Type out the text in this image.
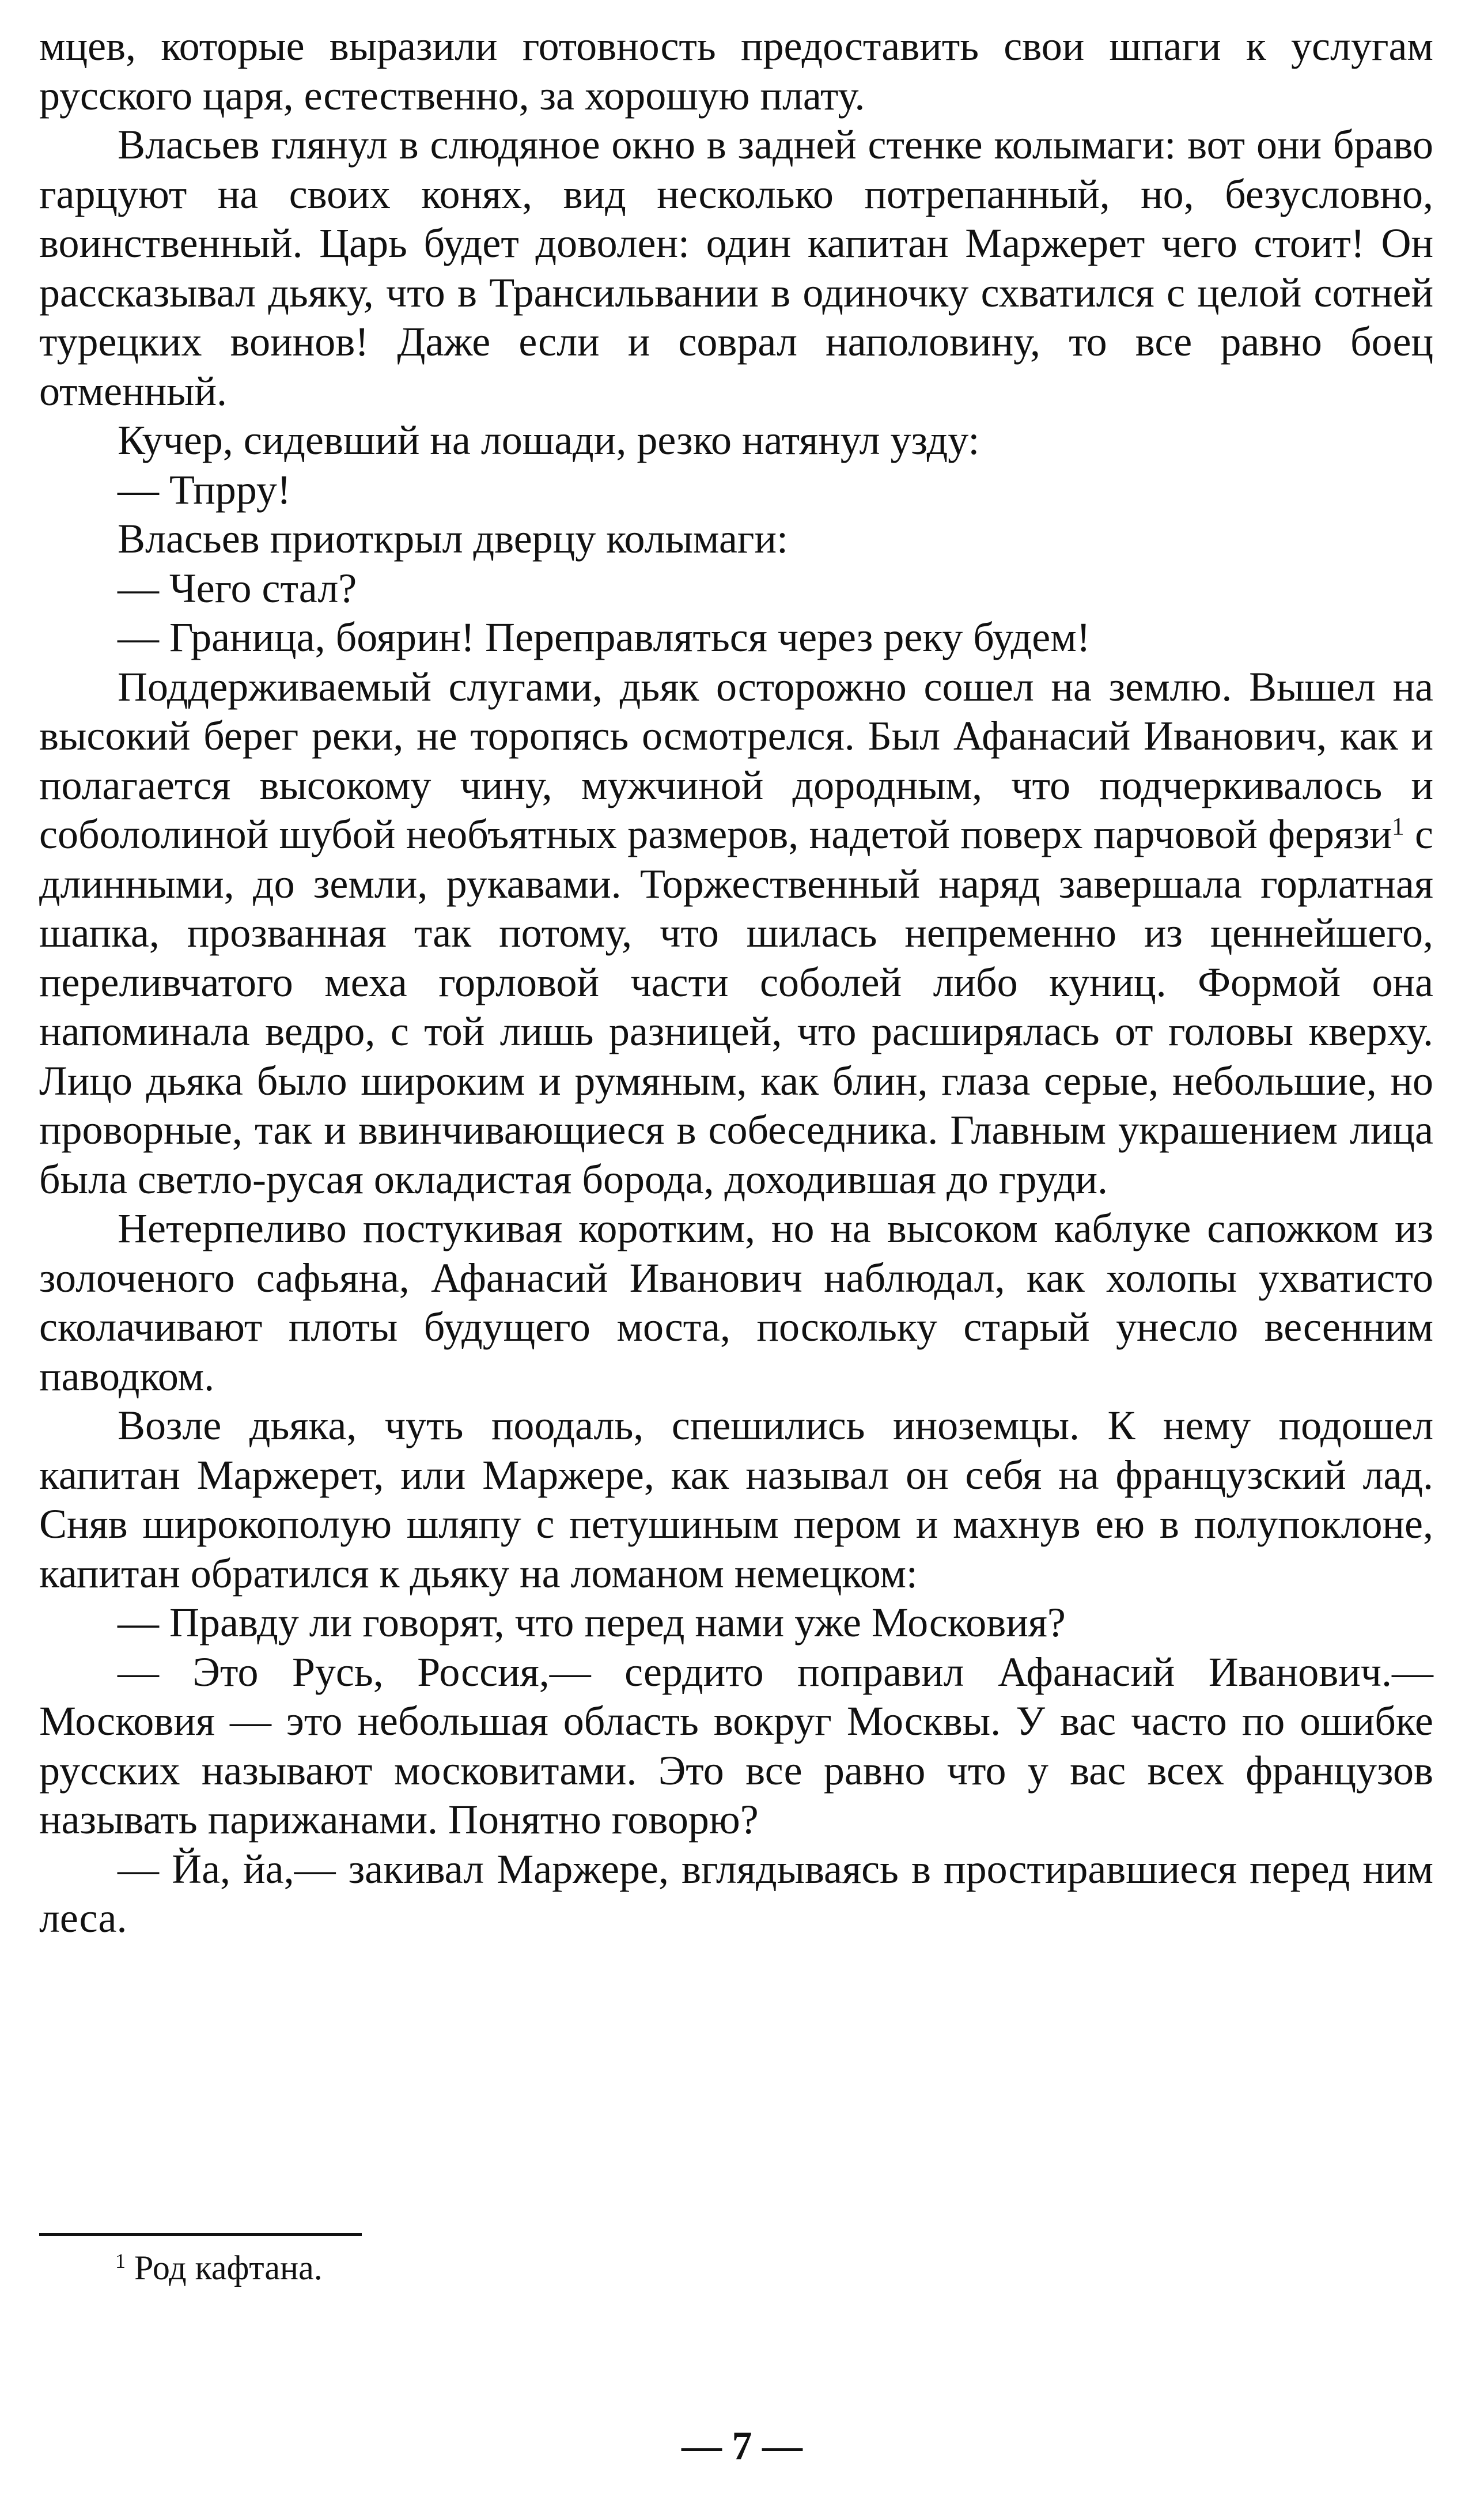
мцев, которые выразили готовность предоставить свои шпаги к услугам русского царя, естественно, за хорошую плату.

Власьев глянул в слюдяное окно в задней стенке колымаги: вот они браво гарцуют на своих конях, вид несколько потрепанный, но, безусловно, воинственный. Царь будет доволен: один капитан Маржерет чего стоит! Он рассказывал дьяку, что в Трансильвании в одиночку схватился с целой сотней турецких воинов! Даже если и соврал наполовину, то все равно боец отменный.

Кучер, сидевший на лошади, резко натянул узду:

— Тпрру!

Власьев приоткрыл дверцу колымаги:

— Чего стал?

— Граница, боярин! Переправляться через реку будем!

Поддерживаемый слугами, дьяк осторожно сошел на землю. Вышел на высокий берег реки, не торопясь осмотрелся. Был Афанасий Иванович, как и полагается высокому чину, мужчиной дородным, что подчеркивалось и собололиной шубой необъятных размеров, надетой поверх парчовой ферязи$^1$ с длинными, до земли, рукавами. Торжественный наряд завершала горлатная шапка, прозванная так потому, что шилась непременно из ценнейшего, переливчатого меха горловой части соболей либо куниц. Формой она напоминала ведро, с той лишь разницей, что расширялась от головы кверху. Лицо дьяка было широким и румяным, как блин, глаза серые, небольшие, но проворные, так и ввинчивающиеся в собеседника. Главным украшением лица была светло-русая окладистая борода, доходившая до груди.

Нетерпеливо постукивая коротким, но на высоком каблуке сапожком из золоченого сафьяна, Афанасий Иванович наблюдал, как холопы ухватисто сколачивают плоты будущего моста, поскольку старый унесло весенним паводком.

Возле дьяка, чуть поодаль, спешились иноземцы. К нему подошел капитан Маржерет, или Маржере, как называл он себя на французский лад. Сняв широкополую шляпу с петушиным пером и махнув ею в полупоклоне, капитан обратился к дьяку на ломаном немецком:

— Правду ли говорят, что перед нами уже Московия?

— Это Русь, Россия,— сердито поправил Афанасий Иванович.— Московия — это небольшая область вокруг Москвы. У вас часто по ошибке русских называют московитами. Это все равно что у вас всех французов называть парижанами. Понятно говорю?

— Йа, йа,— закивал Маржере, вглядываясь в простиравшиеся перед ним леса.

$^1$ Род кафтана.
— 7 —
